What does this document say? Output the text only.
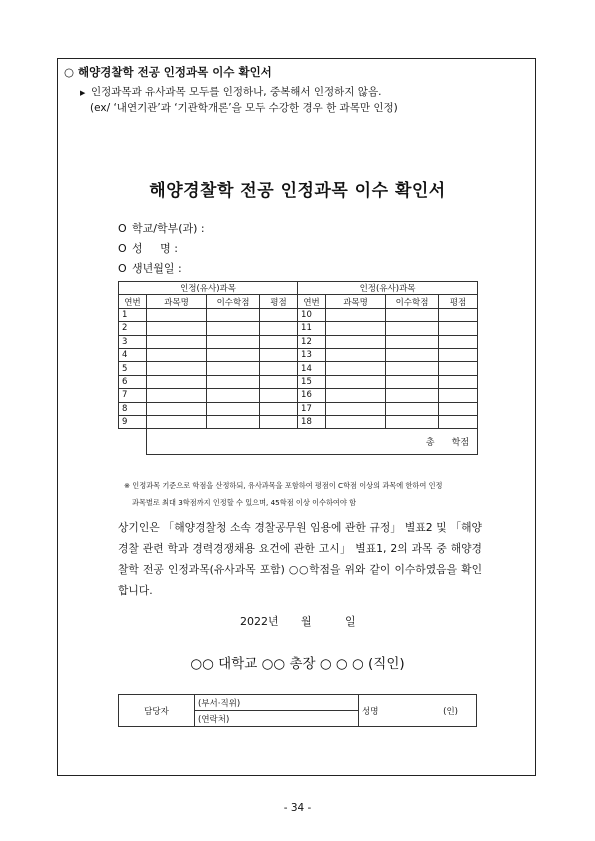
○ 해양경찰학 전공 인정과목 이수 확인서
▶ 인정과목과 유사과목 모두를 인정하나, 중복해서 인정하지 않음.
(ex/ ‘내연기관’과 ‘기관학개론’을 모두 수강한 경우 한 과목만 인정)
해양경찰학 전공 인정과목 이수 확인서
O 학교/학부(과) :
O 성     명 :
O 생년월일 :
인정(유사)과목				인정(유사)과목			
연번	과목명	이수학점	평점	연번	과목명	이수학점	평점
1				10			
2				11			
3				12			
4				13			
5				14			
6				15			
7				16			
8				17			
9				18			
	총      학점						
※ 인정과목 기준으로 학점을 산정하되, 유사과목을 포함하여 평점이 C학점 이상의 과목에 한하여 인정
과목별로 최대 3학점까지 인정할 수 있으며, 45학점 이상 이수하여야 함
상기인은 「해양경찰청 소속 경찰공무원 임용에 관한 규정」 별표2 및 「해양경찰 관련 학과 경력경쟁채용 요건에 관한 고시」 별표1, 2의 과목 중 해양경찰학 전공 인정과목(유사과목 포함) ○○학점을 위와 같이 이수하였음을 확인합니다.
2022년 월	일
○○ 대학교 ○○ 총장 ○ ○ ○ (직인)
담당자	(부서·직위)	성명	(인)

(연락처)
- 34 -
